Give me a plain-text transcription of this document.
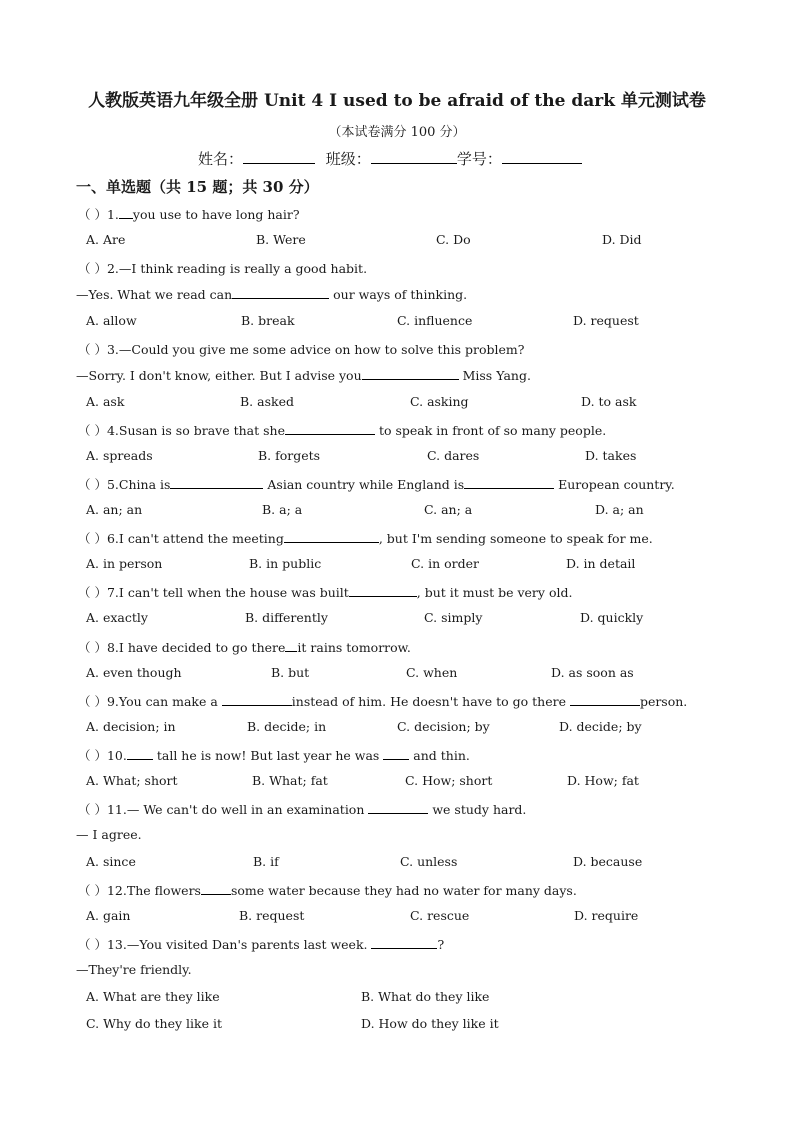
人教版英语九年级全册 Unit 4 I used to be afraid of the dark 单元测试卷
（本试卷满分 100 分）
姓名：	班级：	学号：
一、单选题（共 15 题；共 30 分）
（ ）1. you use to have long hair?
A. Are	B. Were	C. Do	D. Did
（ ）2.—I think reading is really a good habit.
—Yes. What we read can	our ways of thinking.
A. allow	B. break	C. influence	D. request
（ ）3.—Could you give me some advice on how to solve this problem?
—Sorry. I don't know, either. But I advise you	Miss Yang.
A. ask	B. asked	C. asking	D. to ask
（ ）4.Susan is so brave that she	to speak in front of so many people.
A. spreads	B. forgets	C. dares	D. takes
（ ）5.China is	Asian country while England is	European country.
A. an; an	B. a; a	C. an; a	D. a; an
（ ）6.I can't attend the meeting	, but I'm sending someone to speak for me.
A. in person	B. in public	C. in order	D. in detail
（ ）7.I can't tell when the house was built	, but it must be very old.
A. exactly	B. differently	C. simply	D. quickly
（ ）8.I have decided to go there it rains tomorrow.
A. even though	B. but	C. when	D. as soon as
（ ）9.You can make a	instead of him. He doesn't have to go there	person.
A. decision; in	B. decide; in	C. decision; by	D. decide; by
（ ）10. tall he is now! But last year he was  and thin.
A. What; short	B. What; fat	C. How; short	D. How; fat
（ ）11.— We can't do well in an examination	we study hard.
— I agree.
A. since	B. if	C. unless	D. because
（ ）12.The flowers some water because they had no water for many days.
A. gain	B. request	C. rescue	D. require
（ ）13.—You visited Dan's parents last week.	?
—They're friendly.
A. What are they like	B. What do they like
C. Why do they like it	D. How do they like it
